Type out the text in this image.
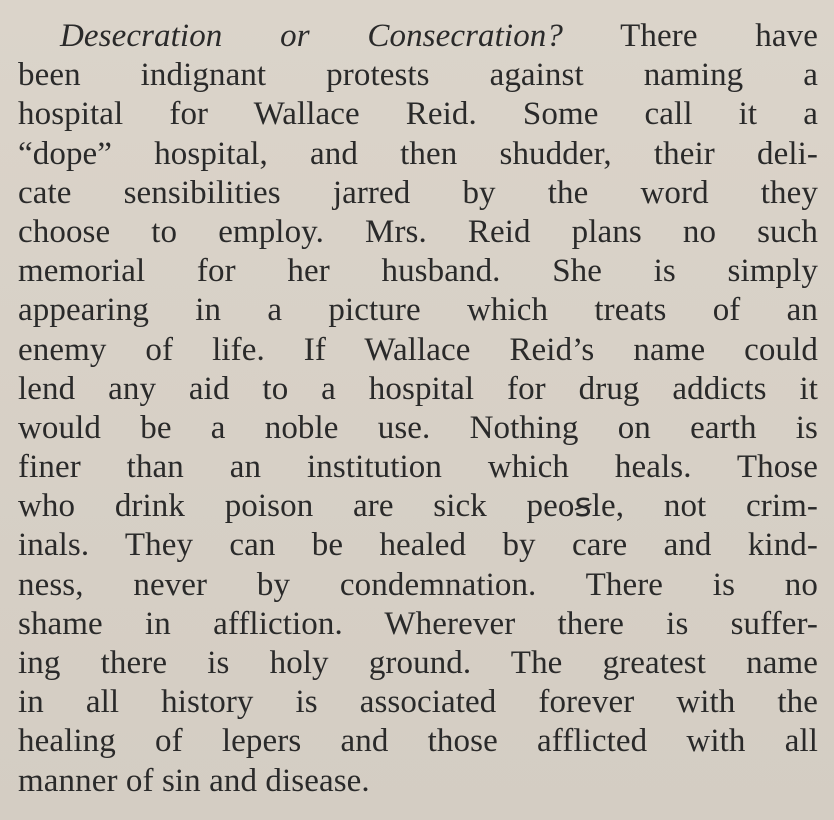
Desecration or Consecration? There have
been indignant protests against naming a
hospital for Wallace Reid. Some call it a
“dope” hospital, and then shudder, their deli-
cate sensibilities jarred by the word they
choose to employ. Mrs. Reid plans no such
memorial for her husband. She is simply
appearing in a picture which treats of an
enemy of life. If Wallace Reid’s name could
lend any aid to a hospital for drug addicts it
would be a noble use. Nothing on earth is
finer than an institution which heals. Those
who drink poison are sick peoꞩle, not crim-
inals. They can be healed by care and kind-
ness, never by condemnation. There is no
shame in affliction. Wherever there is suffer-
ing there is holy ground. The greatest name
in all history is associated forever with the
healing of lepers and those afflicted with all
manner of sin and disease.
